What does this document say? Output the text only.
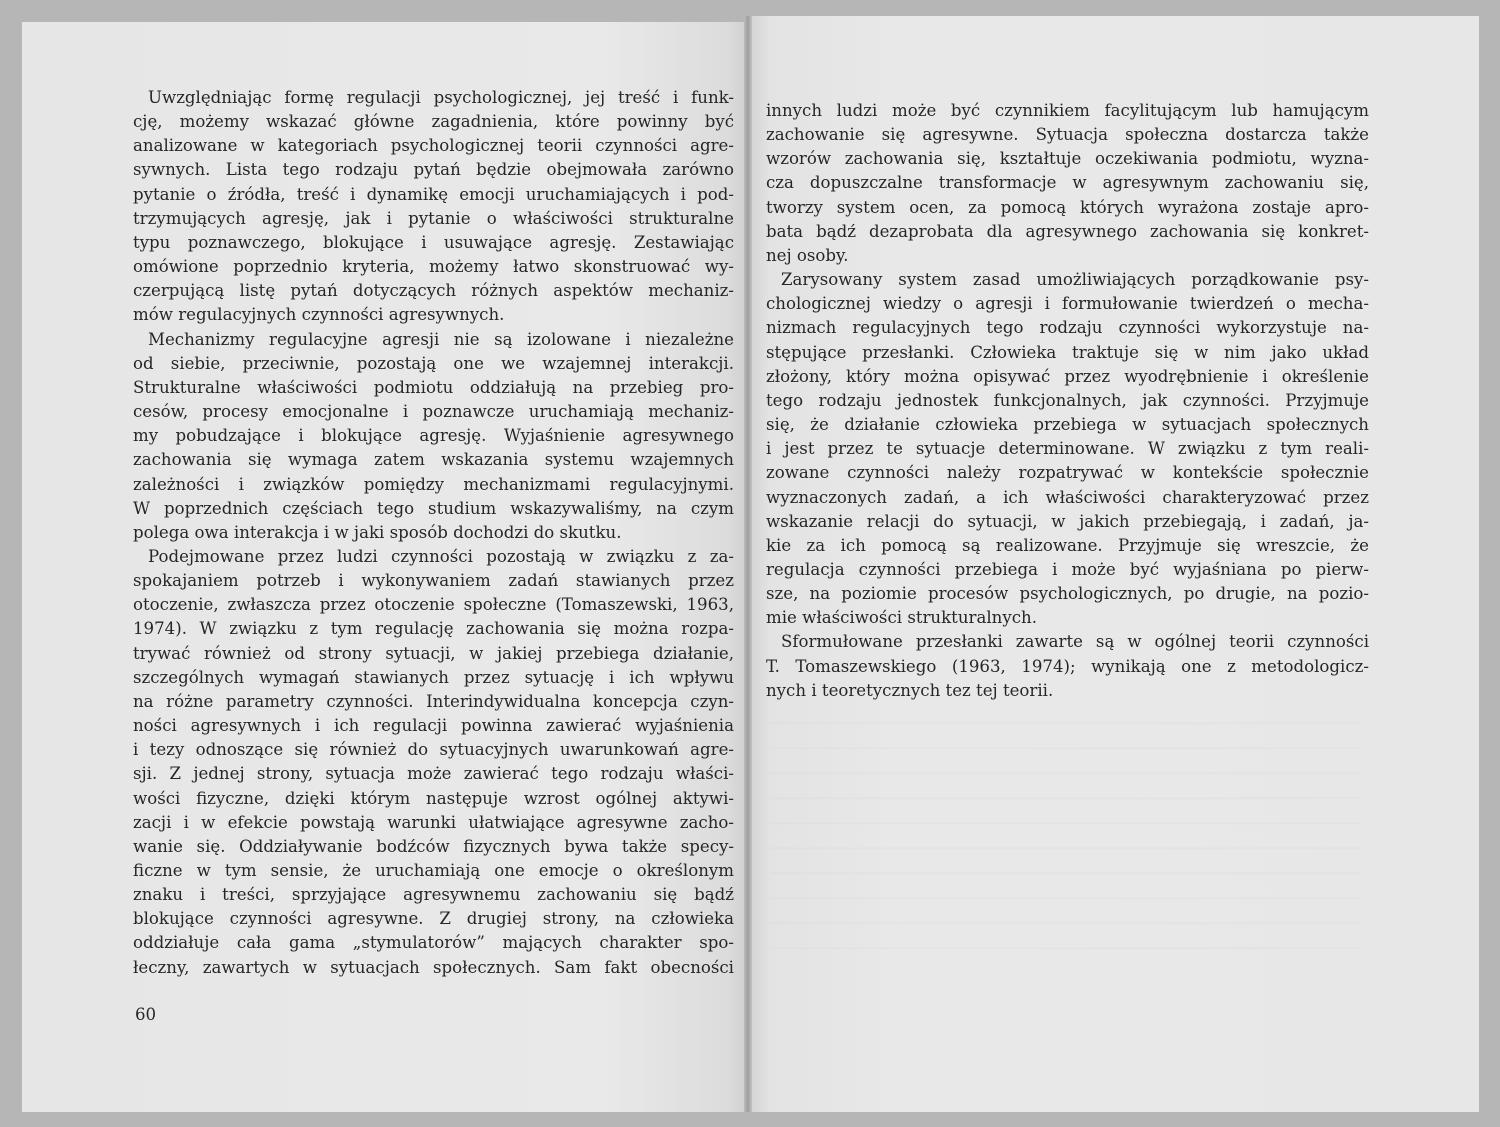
Uwzględniając formę regulacji psychologicznej, jej treść i funk-
cję, możemy wskazać główne zagadnienia, które powinny być
analizowane w kategoriach psychologicznej teorii czynności agre-
sywnych. Lista tego rodzaju pytań będzie obejmowała zarówno
pytanie o źródła, treść i dynamikę emocji uruchamiających i pod-
trzymujących agresję, jak i pytanie o właściwości strukturalne
typu poznawczego, blokujące i usuwające agresję. Zestawiając
omówione poprzednio kryteria, możemy łatwo skonstruować wy-
czerpującą listę pytań dotyczących różnych aspektów mechaniz-
mów regulacyjnych czynności agresywnych.

Mechanizmy regulacyjne agresji nie są izolowane i niezależne
od siebie, przeciwnie, pozostają one we wzajemnej interakcji.
Strukturalne właściwości podmiotu oddziałują na przebieg pro-
cesów, procesy emocjonalne i poznawcze uruchamiają mechaniz-
my pobudzające i blokujące agresję. Wyjaśnienie agresywnego
zachowania się wymaga zatem wskazania systemu wzajemnych
zależności i związków pomiędzy mechanizmami regulacyjnymi.
W poprzednich częściach tego studium wskazywaliśmy, na czym
polega owa interakcja i w jaki sposób dochodzi do skutku.

Podejmowane przez ludzi czynności pozostają w związku z za-
spokajaniem potrzeb i wykonywaniem zadań stawianych przez
otoczenie, zwłaszcza przez otoczenie społeczne (Tomaszewski, 1963,
1974). W związku z tym regulację zachowania się można rozpa-
trywać również od strony sytuacji, w jakiej przebiega działanie,
szczególnych wymagań stawianych przez sytuację i ich wpływu
na różne parametry czynności. Interindywidualna koncepcja czyn-
ności agresywnych i ich regulacji powinna zawierać wyjaśnienia
i tezy odnoszące się również do sytuacyjnych uwarunkowań agre-
sji. Z jednej strony, sytuacja może zawierać tego rodzaju właści-
wości fizyczne, dzięki którym następuje wzrost ogólnej aktywi-
zacji i w efekcie powstają warunki ułatwiające agresywne zacho-
wanie się. Oddziaływanie bodźców fizycznych bywa także specy-
ficzne w tym sensie, że uruchamiają one emocje o określonym
znaku i treści, sprzyjające agresywnemu zachowaniu się bądź
blokujące czynności agresywne. Z drugiej strony, na człowieka
oddziałuje cała gama „stymulatorów” mających charakter spo-
łeczny, zawartych w sytuacjach społecznych. Sam fakt obecności

60

innych ludzi może być czynnikiem facylitującym lub hamującym
zachowanie się agresywne. Sytuacja społeczna dostarcza także
wzorów zachowania się, kształtuje oczekiwania podmiotu, wyzna-
cza dopuszczalne transformacje w agresywnym zachowaniu się,
tworzy system ocen, za pomocą których wyrażona zostaje apro-
bata bądź dezaprobata dla agresywnego zachowania się konkret-
nej osoby.

Zarysowany system zasad umożliwiających porządkowanie psy-
chologicznej wiedzy o agresji i formułowanie twierdzeń o mecha-
nizmach regulacyjnych tego rodzaju czynności wykorzystuje na-
stępujące przesłanki. Człowieka traktuje się w nim jako układ
złożony, który można opisywać przez wyodrębnienie i określenie
tego rodzaju jednostek funkcjonalnych, jak czynności. Przyjmuje
się, że działanie człowieka przebiega w sytuacjach społecznych
i jest przez te sytuacje determinowane. W związku z tym reali-
zowane czynności należy rozpatrywać w kontekście społecznie
wyznaczonych zadań, a ich właściwości charakteryzować przez
wskazanie relacji do sytuacji, w jakich przebiegają, i zadań, ja-
kie za ich pomocą są realizowane. Przyjmuje się wreszcie, że
regulacja czynności przebiega i może być wyjaśniana po pierw-
sze, na poziomie procesów psychologicznych, po drugie, na pozio-
mie właściwości strukturalnych.

Sformułowane przesłanki zawarte są w ogólnej teorii czynności
T. Tomaszewskiego (1963, 1974); wynikają one z metodologicz-
nych i teoretycznych tez tej teorii.
